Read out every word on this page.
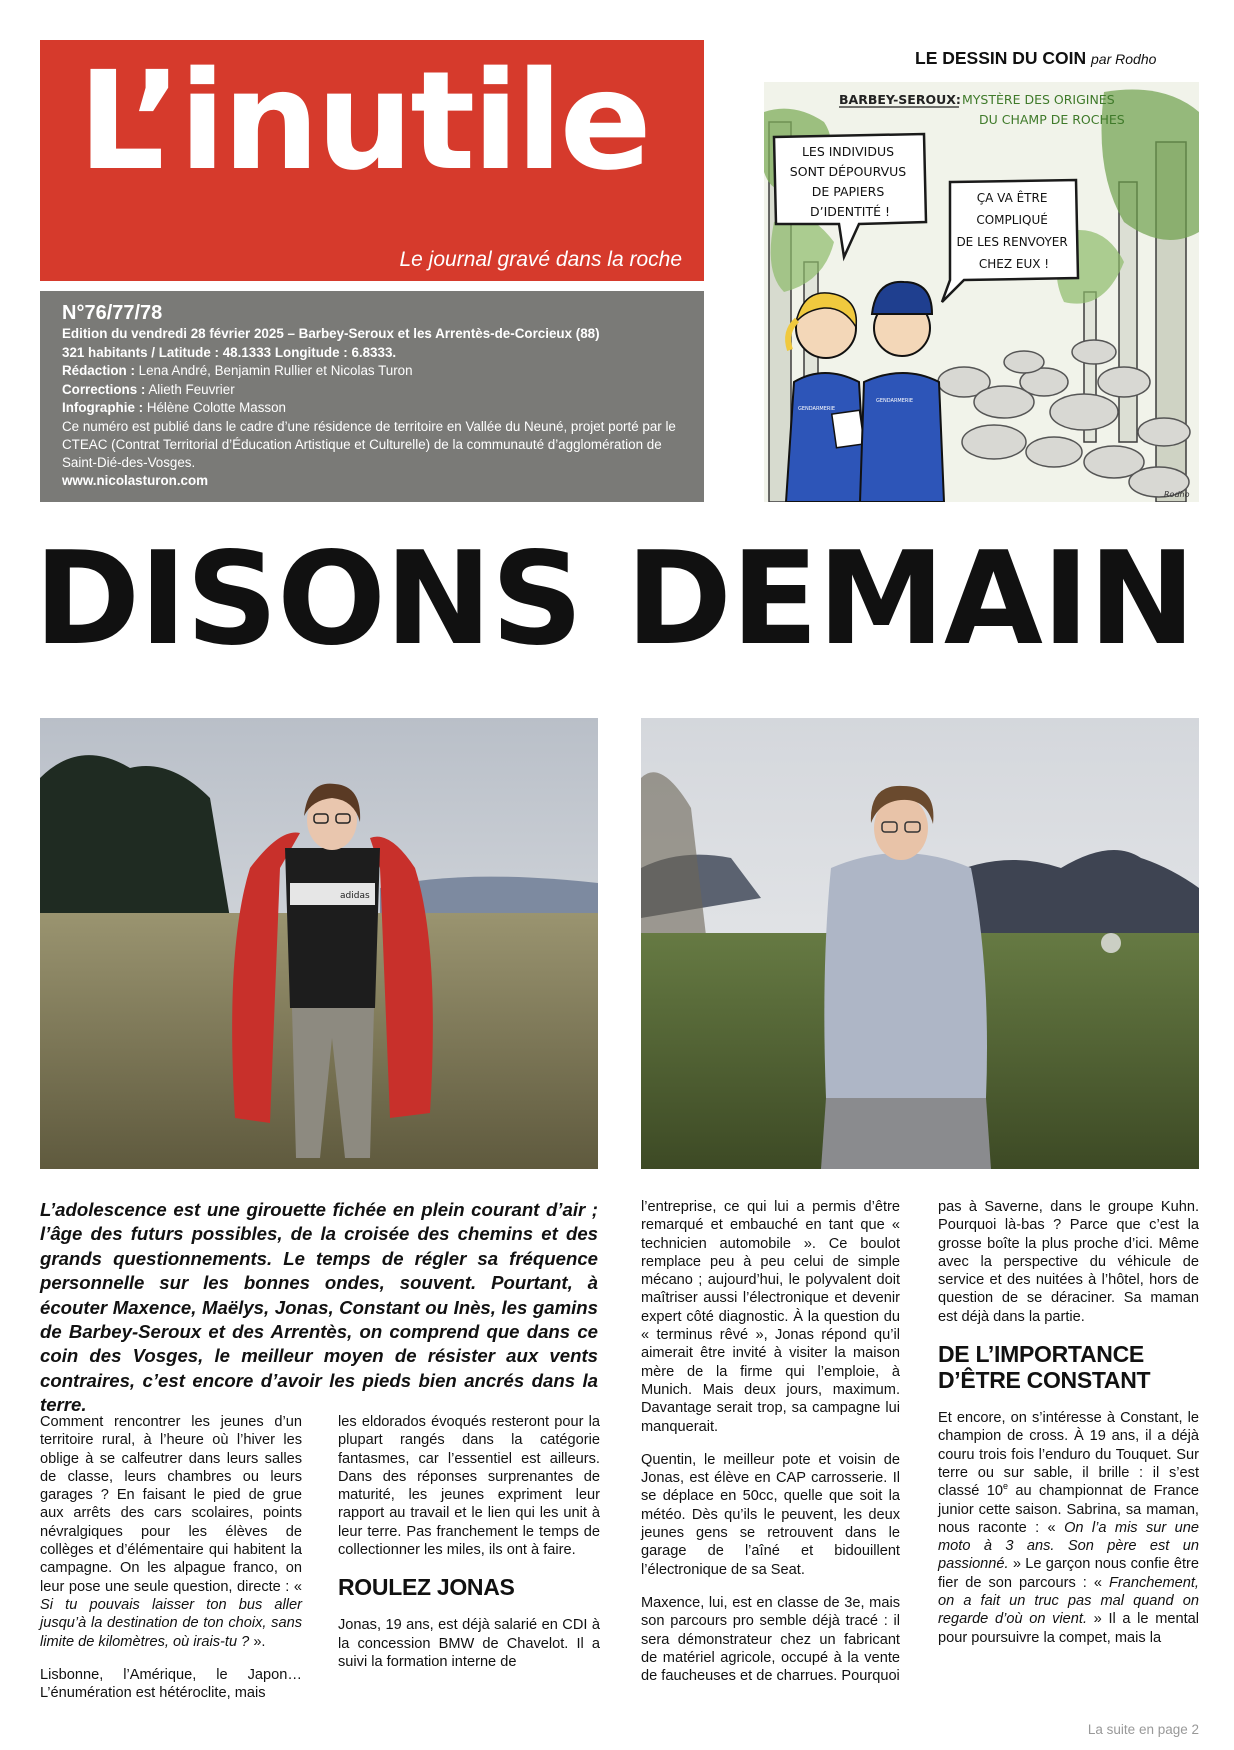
L’inutile
Le journal gravé dans la roche
N°76/77/78
Edition du vendredi 28 février 2025 – Barbey-Seroux et les Arrentès-de-Corcieux (88)
321 habitants / Latitude : 48.1333 Longitude : 6.8333.
Rédaction : Lena André, Benjamin Rullier et Nicolas Turon
Corrections : Alieth Feuvrier
Infographie : Hélène Colotte Masson
Ce numéro est publié dans le cadre d’une résidence de territoire en Vallée du Neuné, projet porté par le CTEAC (Contrat Territorial d’Éducation Artistique et Culturelle) de la communauté d’agglomération de Saint-Dié-des-Vosges.
www.nicolasturon.com
LE DESSIN DU COIN par Rodho
BARBEY-SEROUX: MYSTÈRE DES ORIGINES
DU CHAMP DE ROCHES
LES INDIVIDUS SONT DÉPOURVUS DE PAPIERS D’IDENTITÉ !
ÇA VA ÊTRE COMPLIQUÉ DE LES RENVOYER CHEZ EUX !
GENDARMERIE
GENDARMERIE
Rodho
DISONS DEMAIN
adidas

L’adolescence est une girouette fichée en plein courant d’air ; l’âge des futurs possibles, de la croisée des chemins et des grands questionnements. Le temps de régler sa fréquence personnelle sur les bonnes ondes, souvent. Pourtant, à écouter Maxence, Maëlys, Jonas, Constant ou Inès, les gamins de Barbey-Seroux et des Arrentès, on comprend que dans ce coin des Vosges, le meilleur moyen de résister aux vents contraires, c’est encore d’avoir les pieds bien ancrés dans la terre.

Comment rencontrer les jeunes d’un territoire rural, à l’heure où l’hiver les oblige à se calfeutrer dans leurs salles de classe, leurs chambres ou leurs garages ? En faisant le pied de grue aux arrêts des cars scolaires, points névralgiques pour les élèves de collèges et d’élémentaire qui habitent la campagne. On les alpague franco, on leur pose une seule question, directe : « Si tu pouvais laisser ton bus aller jusqu’à la destination de ton choix, sans limite de kilomètres, où irais-tu ? ».

Lisbonne, l’Amérique, le Japon… L’énumération est hétéroclite, mais

les eldorados évoqués resteront pour la plupart rangés dans la catégorie fantasmes, car l’essentiel est ailleurs. Dans des réponses surprenantes de maturité, les jeunes expriment leur rapport au travail et le lien qui les unit à leur terre. Pas franchement le temps de collectionner les miles, ils ont à faire.

ROULEZ JONAS

Jonas, 19 ans, est déjà salarié en CDI à la concession BMW de Chavelot. Il a suivi la formation interne de

l’entreprise, ce qui lui a permis d’être remarqué et embauché en tant que « technicien automobile ». Ce boulot remplace peu à peu celui de simple mécano ; aujourd’hui, le polyvalent doit maîtriser aussi l’électronique et devenir expert côté diagnostic. À la question du « terminus rêvé », Jonas répond qu’il aimerait être invité à visiter la maison mère de la firme qui l’emploie, à Munich. Mais deux jours, maximum. Davantage serait trop, sa campagne lui manquerait.

Quentin, le meilleur pote et voisin de Jonas, est élève en CAP carrosserie. Il se déplace en 50cc, quelle que soit la météo. Dès qu’ils le peuvent, les deux jeunes gens se retrouvent dans le garage de l’aîné et bidouillent l’électronique de sa Seat.

Maxence, lui, est en classe de 3e, mais son parcours pro semble déjà tracé : il sera démonstrateur chez un fabricant de matériel agricole, occupé à la vente de faucheuses et de charrues. Pourquoi

pas à Saverne, dans le groupe Kuhn. Pourquoi là-bas ? Parce que c’est la grosse boîte la plus proche d’ici. Même avec la perspective du véhicule de service et des nuitées à l’hôtel, hors de question de se déraciner. Sa maman est déjà dans la partie.

DE L’IMPORTANCE
D’ÊTRE CONSTANT

Et encore, on s’intéresse à Constant, le champion de cross. À 19 ans, il a déjà couru trois fois l’enduro du Touquet. Sur terre ou sur sable, il brille : il s’est classé 10e au championnat de France junior cette saison. Sabrina, sa maman, nous raconte : « On l’a mis sur une moto à 3 ans. Son père est un passionné. » Le garçon nous confie être fier de son parcours : « Franchement, on a fait un truc pas mal quand on regarde d’où on vient. » Il a le mental pour poursuivre la compet, mais la

La suite en page 2
